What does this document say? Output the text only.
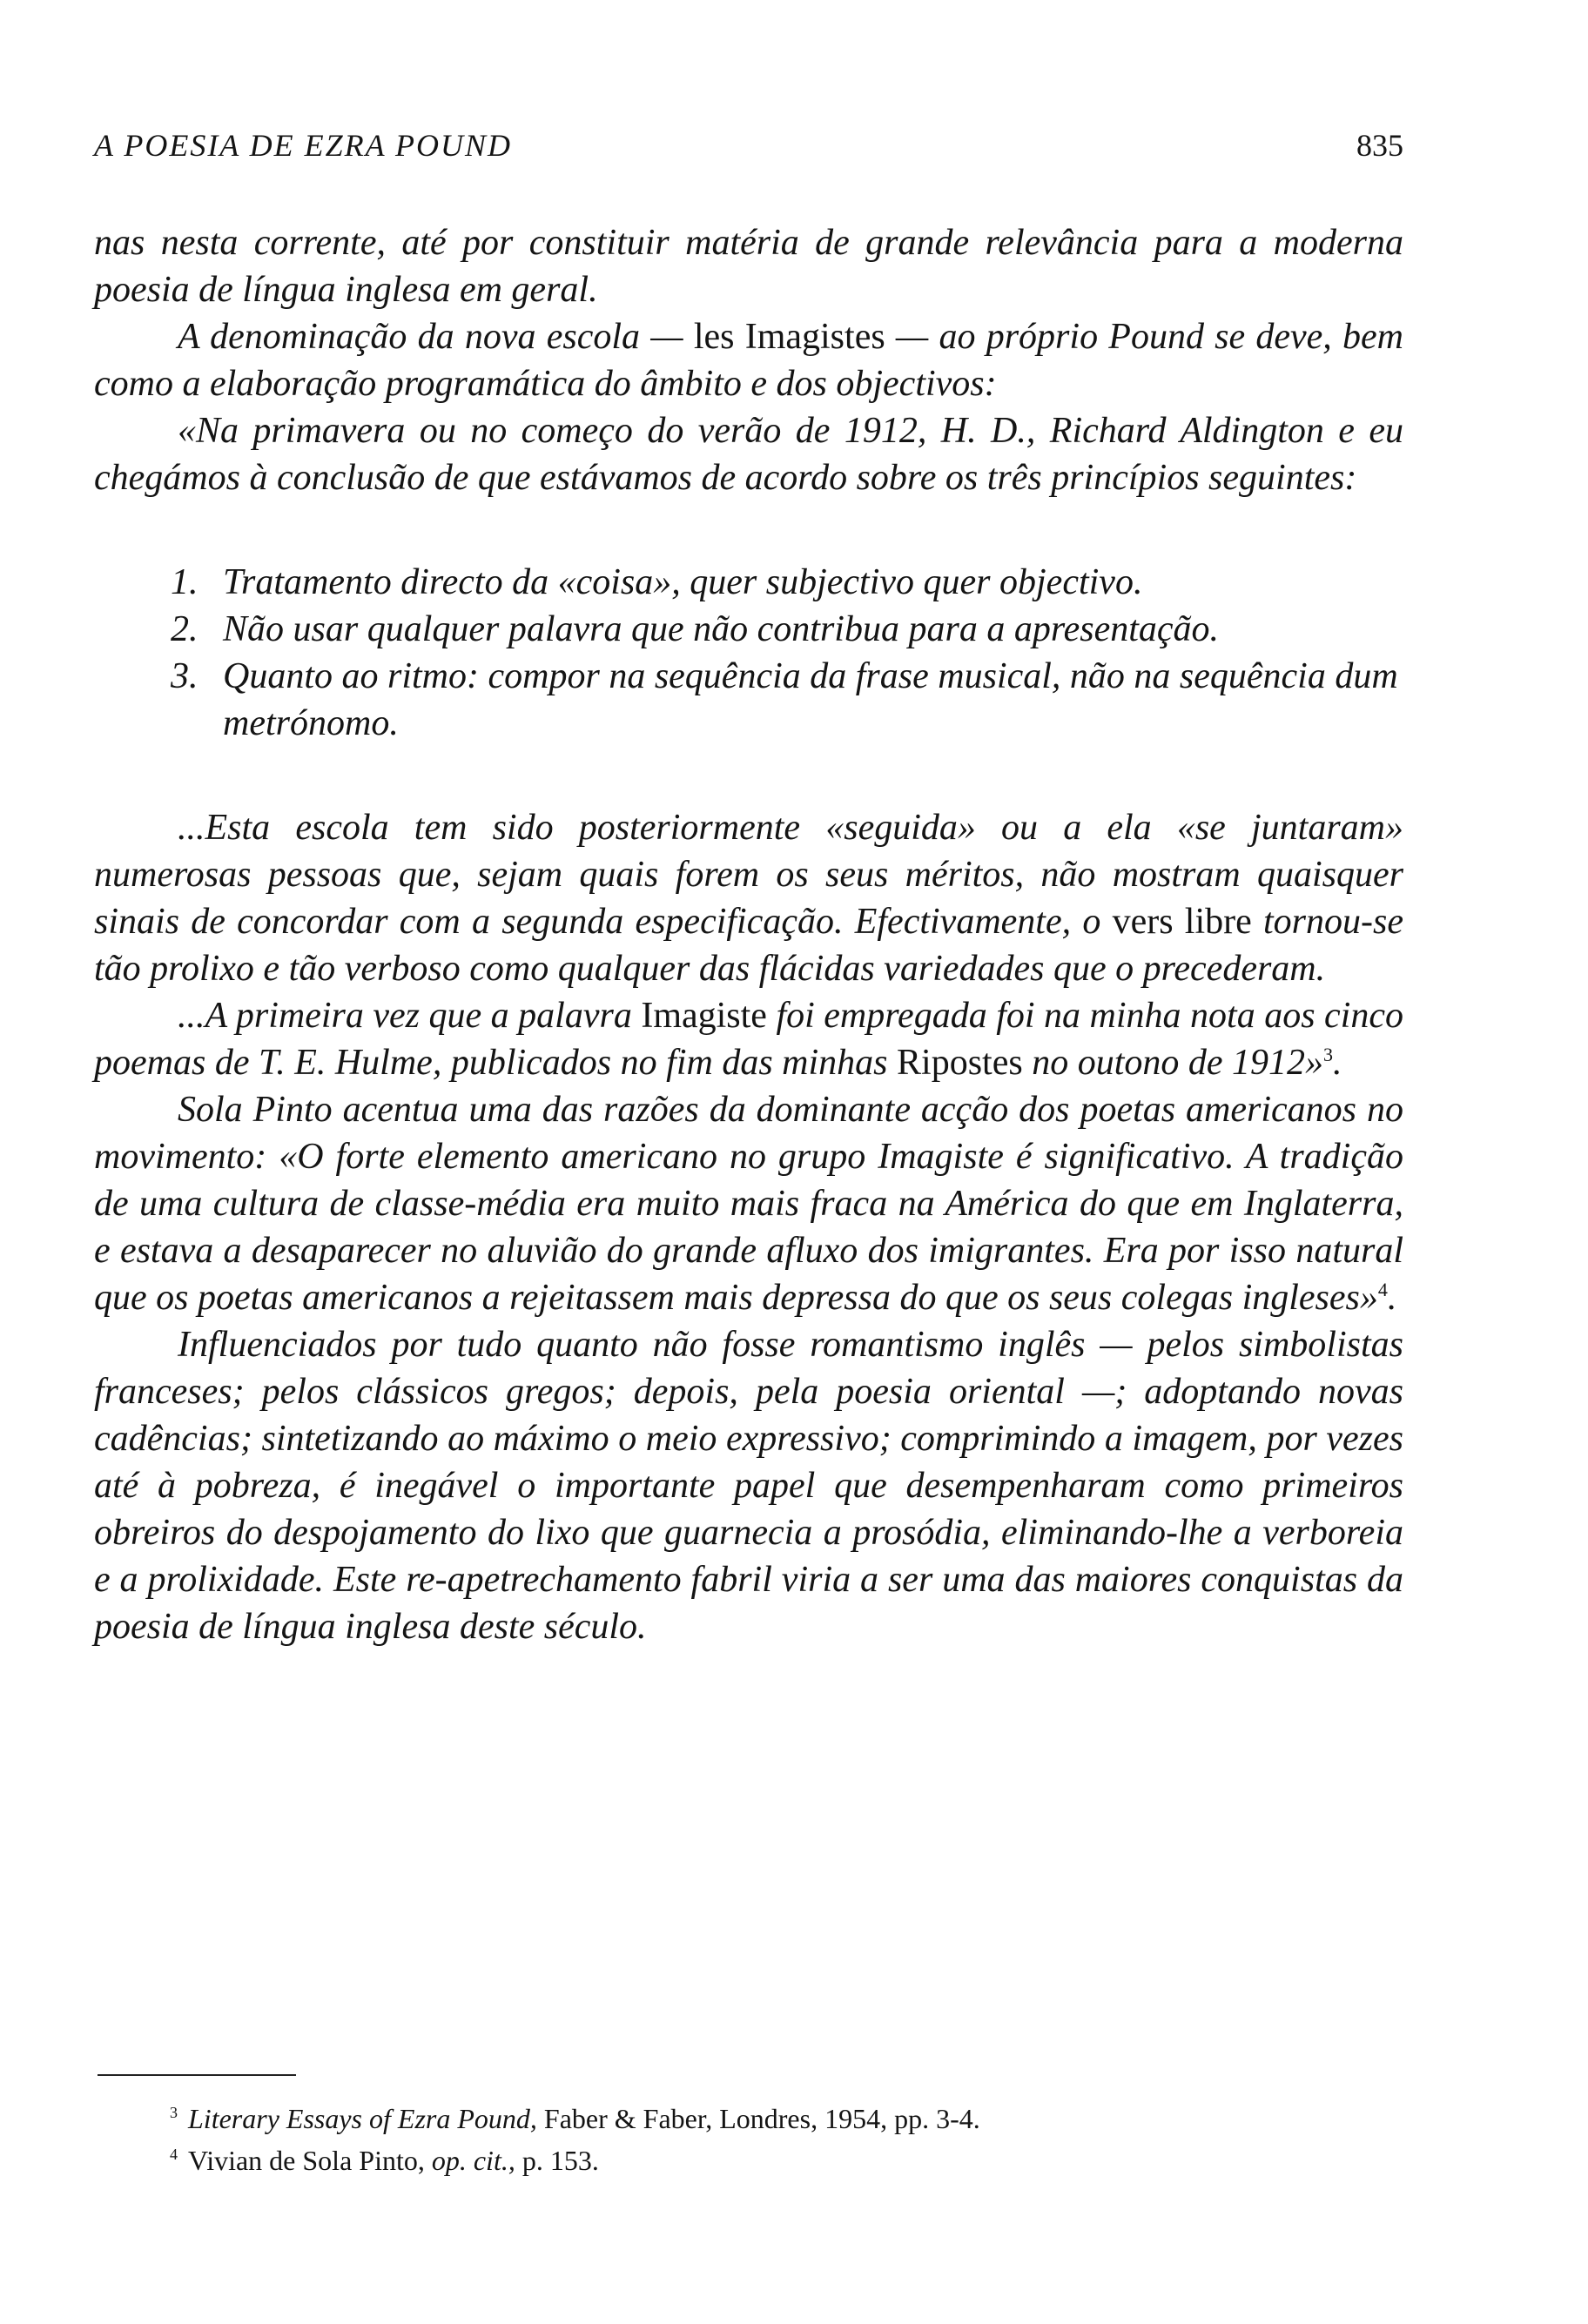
A POESIA DE EZRA POUND	835

nas nesta corrente, até por constituir matéria de grande relevância para a moderna poesia de língua inglesa em geral.

A denominação da nova escola — les Imagistes — ao próprio Pound se deve, bem como a elaboração programática do âmbito e dos objectivos:

«Na primavera ou no começo do verão de 1912, H. D., Richard Aldington e eu chegámos à conclusão de que estávamos de acordo sobre os três princípios seguintes:

1. Tratamento directo da «coisa», quer subjectivo quer objectivo.
2. Não usar qualquer palavra que não contribua para a apresentação.
3. Quanto ao ritmo: compor na sequência da frase musical, não na sequência dum metrónomo.

...Esta escola tem sido posteriormente «seguida» ou a ela «se juntaram» numerosas pessoas que, sejam quais forem os seus méritos, não mostram quaisquer sinais de concordar com a segunda especificação. Efectivamente, o vers libre tornou-se tão prolixo e tão verboso como qualquer das flácidas variedades que o precederam.

...A primeira vez que a palavra Imagiste foi empregada foi na minha nota aos cinco poemas de T. E. Hulme, publicados no fim das minhas Ripostes no outono de 1912»$^3$.

Sola Pinto acentua uma das razões da dominante acção dos poetas americanos no movimento: «O forte elemento americano no grupo Imagiste é significativo. A tradição de uma cultura de classe-média era muito mais fraca na América do que em Inglaterra, e estava a desaparecer no aluvião do grande afluxo dos imigrantes. Era por isso natural que os poetas americanos a rejeitassem mais depressa do que os seus colegas ingleses»$^4$.

Influenciados por tudo quanto não fosse romantismo inglês — pelos simbolistas franceses; pelos clássicos gregos; depois, pela poesia oriental —; adoptando novas cadências; sintetizando ao máximo o meio expressivo; comprimindo a imagem, por vezes até à pobreza, é inegável o importante papel que desempenharam como primeiros obreiros do despojamento do lixo que guarnecia a prosódia, eliminando-lhe a verboreia e a prolixidade. Este re-apetrechamento fabril viria a ser uma das maiores conquistas da poesia de língua inglesa deste século.

$^3$ Literary Essays of Ezra Pound, Faber & Faber, Londres, 1954, pp. 3-4.
$^4$ Vivian de Sola Pinto, op. cit., p. 153.
